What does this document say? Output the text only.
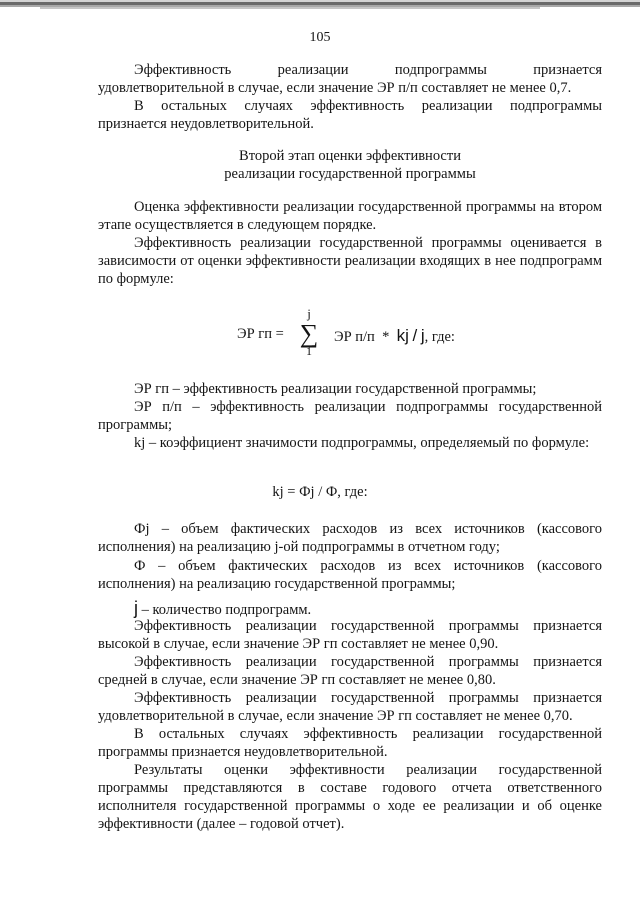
105

Эффективность реализации подпрограммы признается удовлетворительной в случае, если значение ЭР п/п составляет не менее 0,7.

В остальных случаях эффективность реализации подпрограммы признается неудовлетворительной.

Второй этап оценки эффективности
реализации государственной программы

Оценка эффективности реализации государственной программы на втором этапе осуществляется в следующем порядке.

Эффективность реализации государственной программы оценивается в зависимости от оценки эффективности реализации входящих в нее подпрограмм по формуле:

ЭР гп =
j
∑
1
ЭР п/п * kj / j, где:

ЭР гп – эффективность реализации государственной программы;

ЭР п/п – эффективность реализации подпрограммы государственной программы;

kj – коэффициент значимости подпрограммы, определяемый по формуле:

kj = Фj / Ф, где:

Фj – объем фактических расходов из всех источников (кассового исполнения) на реализацию j-ой подпрограммы в отчетном году;

Ф – объем фактических расходов из всех источников (кассового исполнения) на реализацию государственной программы;

j – количество подпрограмм.

Эффективность реализации государственной программы признается высокой в случае, если значение ЭР гп составляет не менее 0,90.

Эффективность реализации государственной программы признается средней в случае, если значение ЭР гп составляет не менее 0,80.

Эффективность реализации государственной программы признается удовлетворительной в случае, если значение ЭР гп составляет не менее 0,70.

В остальных случаях эффективность реализации государственной программы признается неудовлетворительной.

Результаты оценки эффективности реализации государственной программы представляются в составе годового отчета ответственного исполнителя государственной программы о ходе ее реализации и об оценке эффективности (далее – годовой отчет).
